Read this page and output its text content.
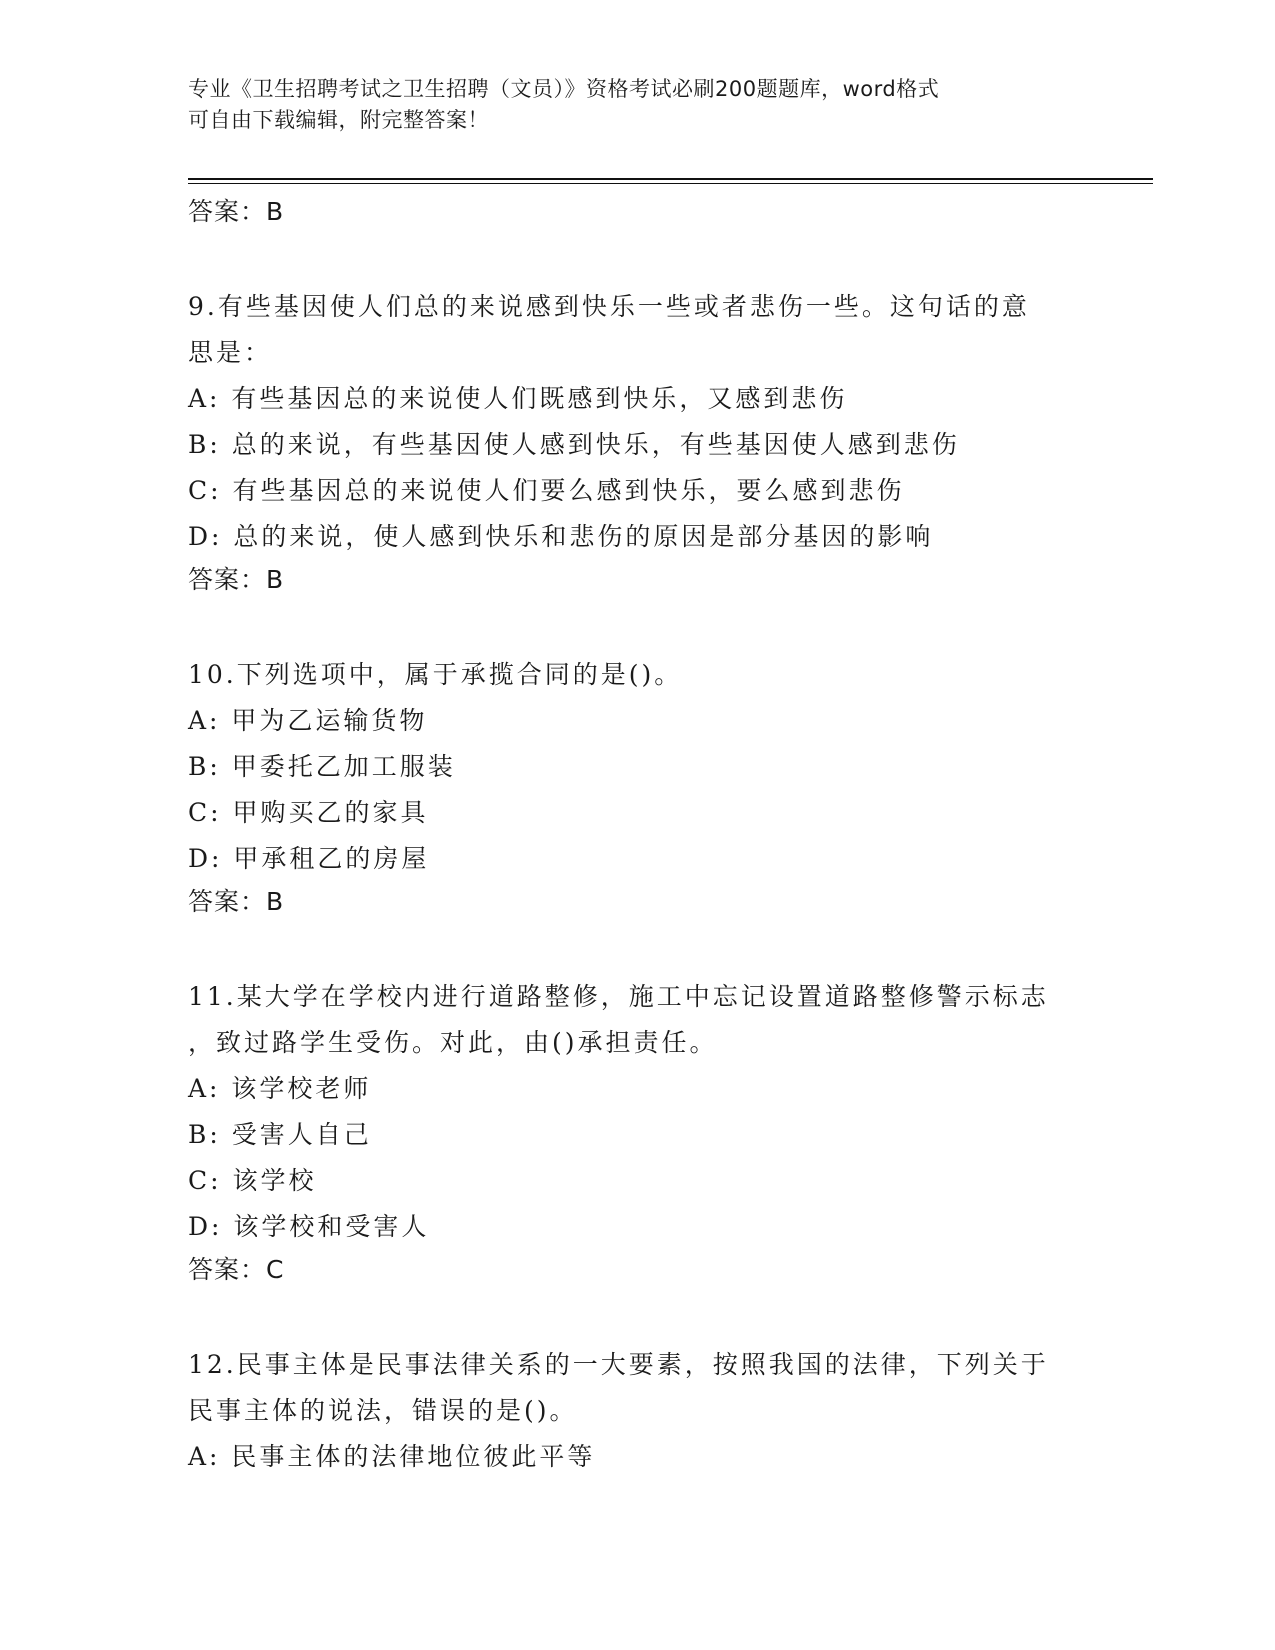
专业《卫生招聘考试之卫生招聘（文员）》资格考试必刷200题题库，word格式
可自由下载编辑，附完整答案！
答案：B
9.有些基因使人们总的来说感到快乐一些或者悲伤一些。这句话的意
思是：
A: 有些基因总的来说使人们既感到快乐，又感到悲伤
B: 总的来说，有些基因使人感到快乐，有些基因使人感到悲伤
C: 有些基因总的来说使人们要么感到快乐，要么感到悲伤
D: 总的来说，使人感到快乐和悲伤的原因是部分基因的影响
答案：B
10.下列选项中，属于承揽合同的是()。
A: 甲为乙运输货物
B: 甲委托乙加工服装
C: 甲购买乙的家具
D: 甲承租乙的房屋
答案：B
11.某大学在学校内进行道路整修，施工中忘记设置道路整修警示标志
，致过路学生受伤。对此，由()承担责任。
A: 该学校老师
B: 受害人自己
C: 该学校
D: 该学校和受害人
答案：C
12.民事主体是民事法律关系的一大要素，按照我国的法律，下列关于
民事主体的说法，错误的是()。
A: 民事主体的法律地位彼此平等
